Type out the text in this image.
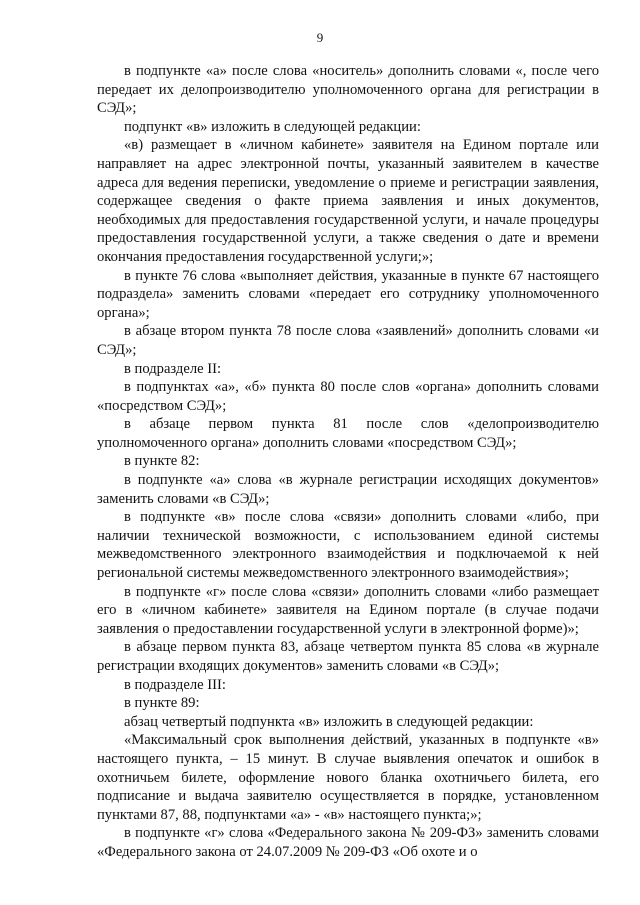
9

в подпункте «а» после слова «носитель» дополнить словами «, после чего передает их делопроизводителю уполномоченного органа для регистрации в СЭД»;

подпункт «в» изложить в следующей редакции:

«в) размещает в «личном кабинете» заявителя на Едином портале или направляет на адрес электронной почты, указанный заявителем в качестве адреса для ведения переписки, уведомление о приеме и регистрации заявления, содержащее сведения о факте приема заявления и иных документов, необходимых для предоставления государственной услуги, и начале процедуры предоставления государственной услуги, а также сведения о дате и времени окончания предоставления государственной услуги;»;

в пункте 76 слова «выполняет действия, указанные в пункте 67 настоящего подраздела» заменить словами «передает его сотруднику уполномоченного органа»;

в абзаце втором пункта 78 после слова «заявлений» дополнить словами «и СЭД»;

в подразделе II:

в подпунктах «а», «б» пункта 80 после слов «органа» дополнить словами «посредством СЭД»;

в абзаце первом пункта 81 после слов «делопроизводителю уполномоченного органа» дополнить словами «посредством СЭД»;

в пункте 82:

в подпункте «а» слова «в журнале регистрации исходящих документов» заменить словами «в СЭД»;

в подпункте «в» после слова «связи» дополнить словами «либо, при наличии технической возможности, с использованием единой системы межведомственного электронного взаимодействия и подключаемой к ней региональной системы межведомственного электронного взаимодействия»;

в подпункте «г» после слова «связи» дополнить словами «либо размещает его в «личном кабинете» заявителя на Едином портале (в случае подачи заявления о предоставлении государственной услуги в электронной форме)»;

в абзаце первом пункта 83, абзаце четвертом пункта 85 слова «в журнале регистрации входящих документов» заменить словами «в СЭД»;

в подразделе III:

в пункте 89:

абзац четвертый подпункта «в» изложить в следующей редакции:

«Максимальный срок выполнения действий, указанных в подпункте «в» настоящего пункта, – 15 минут. В случае выявления опечаток и ошибок в охотничьем билете, оформление нового бланка охотничьего билета, его подписание и выдача заявителю осуществляется в порядке, установленном пунктами 87, 88, подпунктами «а» - «в» настоящего пункта;»;

в подпункте «г» слова «Федерального закона № 209-ФЗ» заменить словами «Федерального закона от 24.07.2009 № 209-ФЗ «Об охоте и о
